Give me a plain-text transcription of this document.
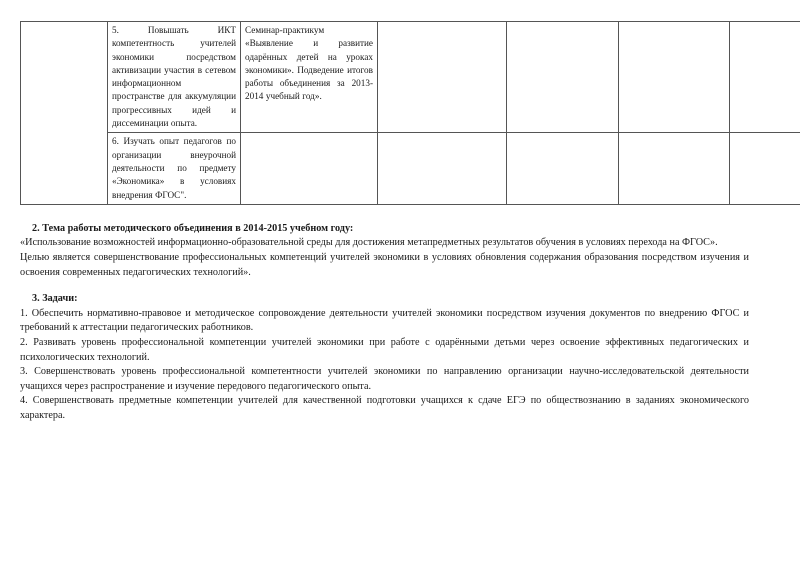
	5. Повышать ИКТ компетентность учителей экономики посредством активизации участия в сетевом информационном пространстве для аккумуляции прогрессивных идей и диссеминации опыта.	Семинар-практикум «Выявление и развитие одарённых детей на уроках экономики». Подведение итогов работы объединения за 2013-2014 учебный год».				

	6. Изучать опыт педагогов по организации внеурочной деятельности по предмету «Экономика» в условиях внедрения ФГОС".					

2. Тема работы методического объединения в 2014-2015 учебном году:

«Использование возможностей информационно-образовательной среды для достижения метапредметных результатов обучения в условиях перехода на ФГОС».

Целью является совершенствование профессиональных компетенций учителей экономики в условиях обновления содержания образования посредством изучения и освоения современных педагогических технологий».

3. Задачи:

1. Обеспечить нормативно-правовое и методическое сопровождение деятельности учителей экономики посредством изучения документов по внедрению ФГОС и требований к аттестации педагогических работников.

2. Развивать уровень профессиональной компетенции учителей экономики при работе с одарёнными детьми через освоение эффективных педагогических и психологических технологий.

3. Совершенствовать уровень профессиональной компетентности учителей экономики по направлению организации научно-исследовательской деятельности учащихся через распространение и изучение передового педагогического опыта.

4. Совершенствовать предметные компетенции учителей для качественной подготовки учащихся к сдаче ЕГЭ по обществознанию в заданиях экономического характера.
